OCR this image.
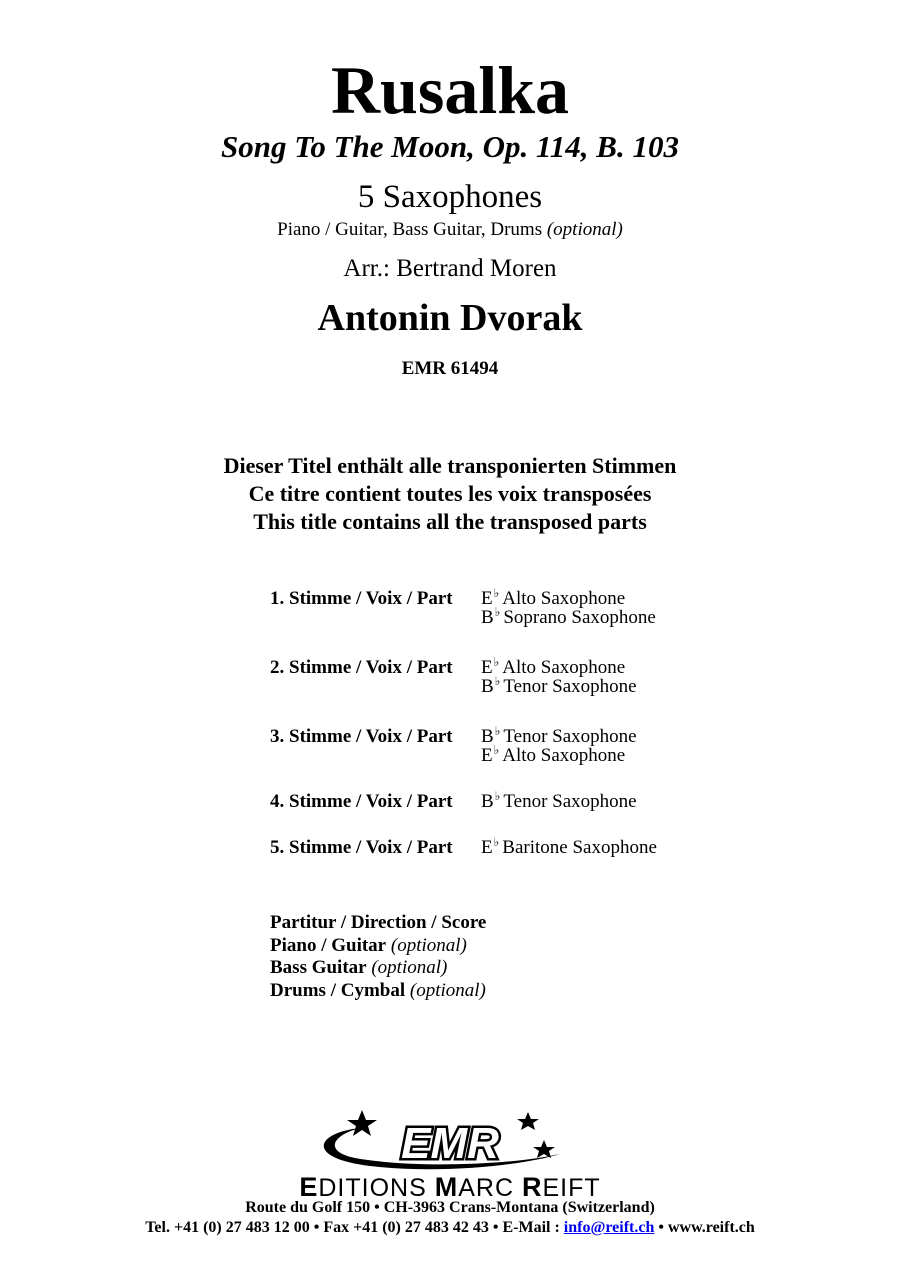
Rusalka
Song To The Moon, Op. 114, B. 103
5 Saxophones
Piano / Guitar, Bass Guitar, Drums (optional)
Arr.: Bertrand Moren
Antonin Dvorak
EMR 61494
Dieser Titel enthält alle transponierten Stimmen
Ce titre contient toutes les voix transposées
This title contains all the transposed parts
1. Stimme / Voix / Part E♭ Alto Saxophone
B♭ Soprano Saxophone
2. Stimme / Voix / Part E♭ Alto Saxophone
B♭ Tenor Saxophone
3. Stimme / Voix / Part B♭ Tenor Saxophone
E♭ Alto Saxophone
4. Stimme / Voix / Part B♭ Tenor Saxophone
5. Stimme / Voix / Part E♭ Baritone Saxophone
Partitur / Direction / Score
Piano / Guitar (optional)
Bass Guitar (optional)
Drums / Cymbal (optional)
EMR
EDITIONS MARC REIFT
Route du Golf 150 • CH-3963 Crans-Montana (Switzerland)
Tel. +41 (0) 27 483 12 00 • Fax +41 (0) 27 483 42 43 • E-Mail : info@reift.ch • www.reift.ch
